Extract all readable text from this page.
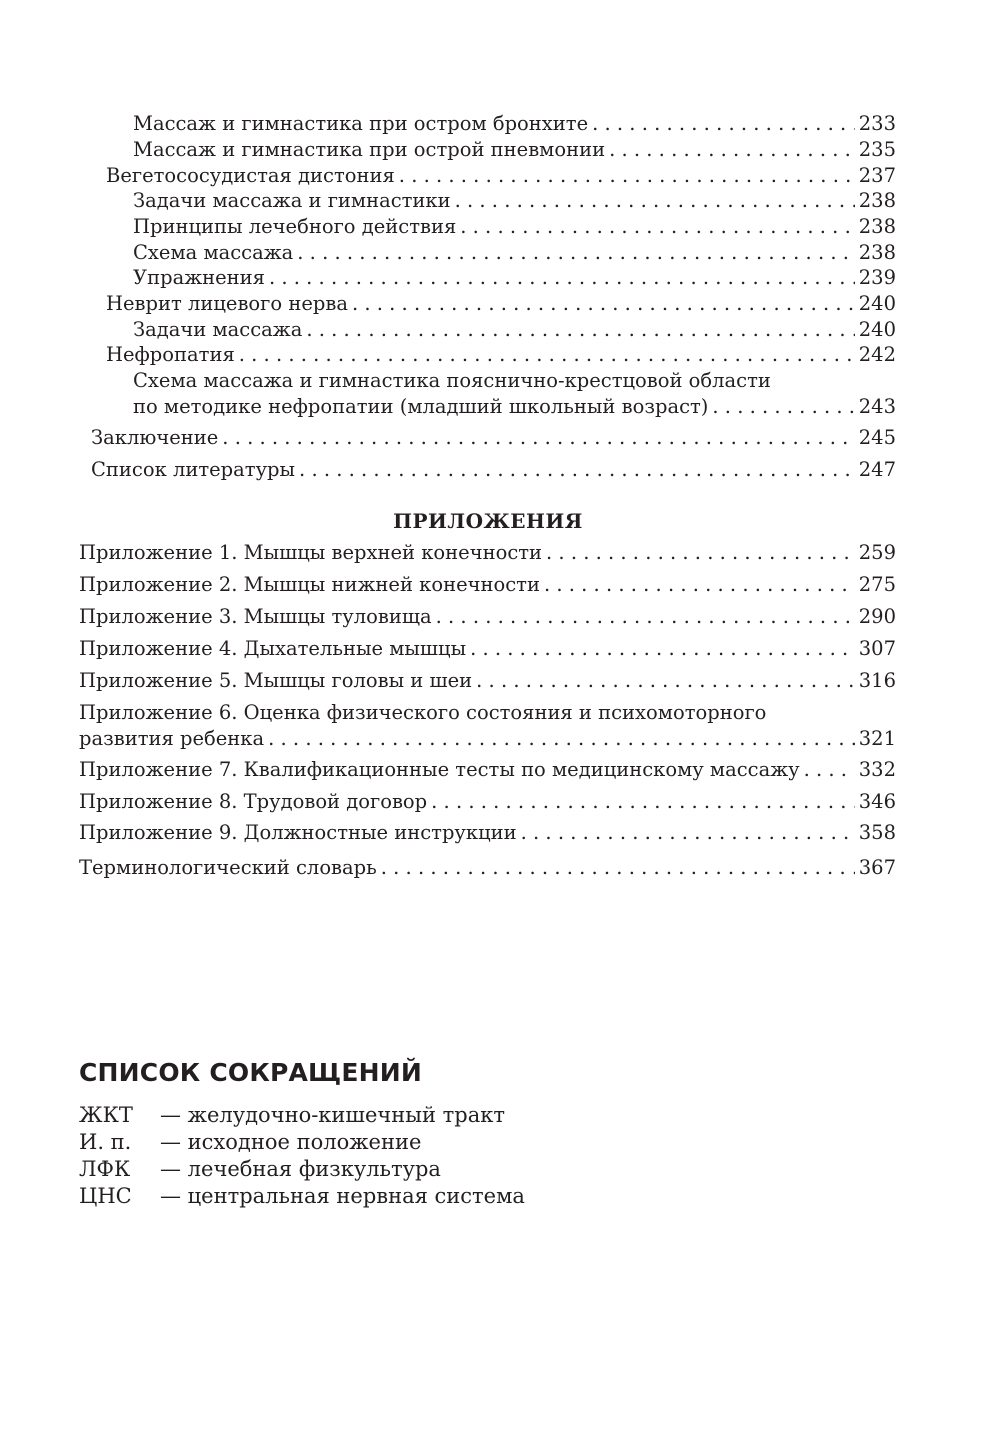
Массаж и гимнастика при остром бронхите . . .	233
Массаж и гимнастика при острой пневмонии . . .	235
Вегетососудистая дистония . . .	237
Задачи массажа и гимнастики . . .	238
Принципы лечебного действия . . .	238
Схема массажа . . .	238
Упражнения . . .	239
Неврит лицевого нерва . . .	240
Задачи массажа . . .	240
Нефропатия . . .	242
Схема массажа и гимнастика пояснично-крестцовой области
по методике нефропатии (младший школьный возраст) . . .	243
Заключение . . .	245
Список литературы . . .	247
ПРИЛОЖЕНИЯ
Приложение 1. Мышцы верхней конечности . . .	259
Приложение 2. Мышцы нижней конечности . . .	275
Приложение 3. Мышцы туловища . . .	290
Приложение 4. Дыхательные мышцы . . .	307
Приложение 5. Мышцы головы и шеи . . .	316
Приложение 6. Оценка физического состояния и психомоторного
развития ребенка . . .	321
Приложение 7. Квалификационные тесты по медицинскому массажу . . .	332
Приложение 8. Трудовой договор . . .	346
Приложение 9. Должностные инструкции . . .	358
Терминологический словарь . . .	367
СПИСОК СОКРАЩЕНИЙ
ЖКТ — желудочно-кишечный тракт
И. п. — исходное положение
ЛФК — лечебная физкультура
ЦНС — центральная нервная система
